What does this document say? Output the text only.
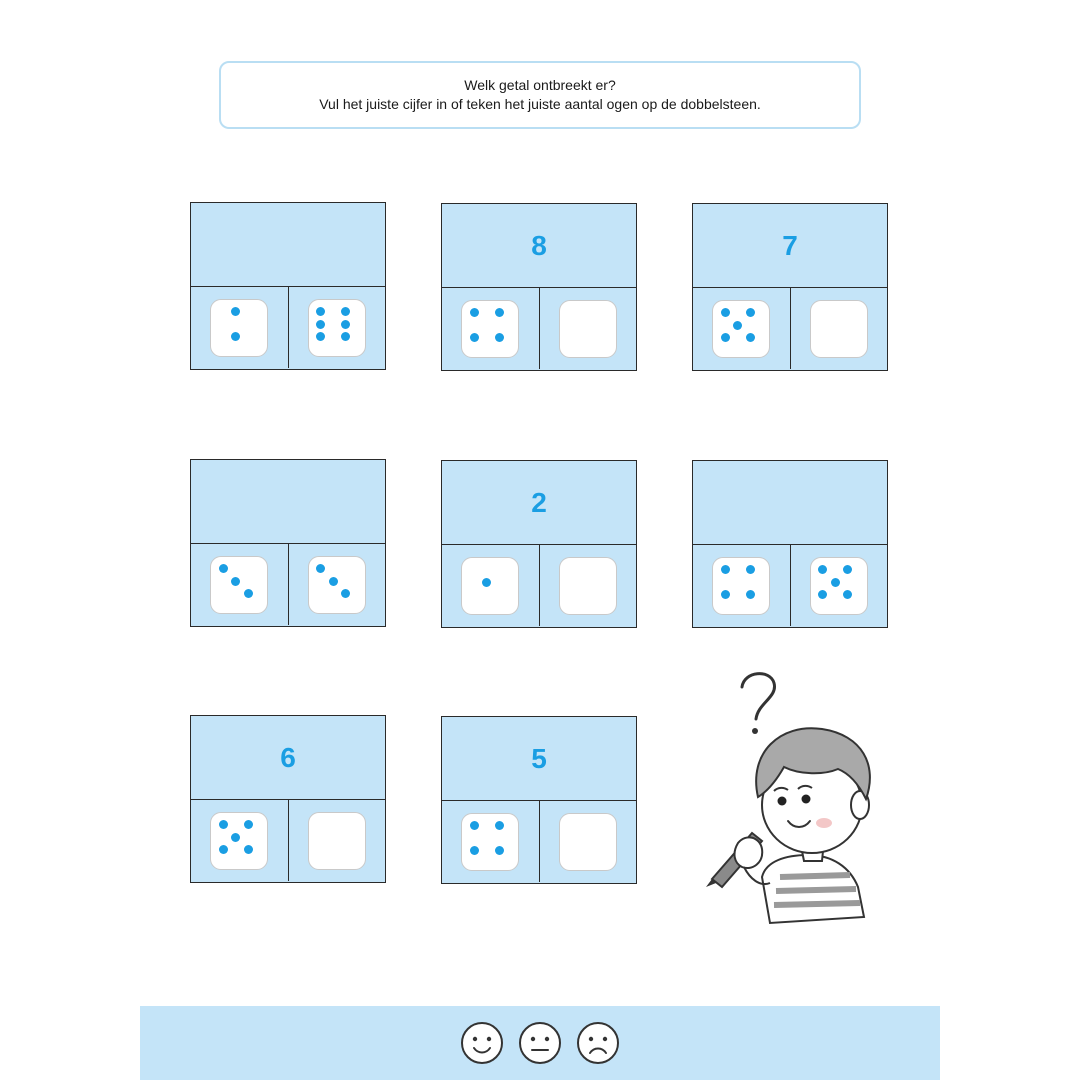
Welk getal ontbreekt er?
Vul het juiste cijfer in of teken het juiste aantal ogen op de dobbelsteen.
8	7
2
6	5
